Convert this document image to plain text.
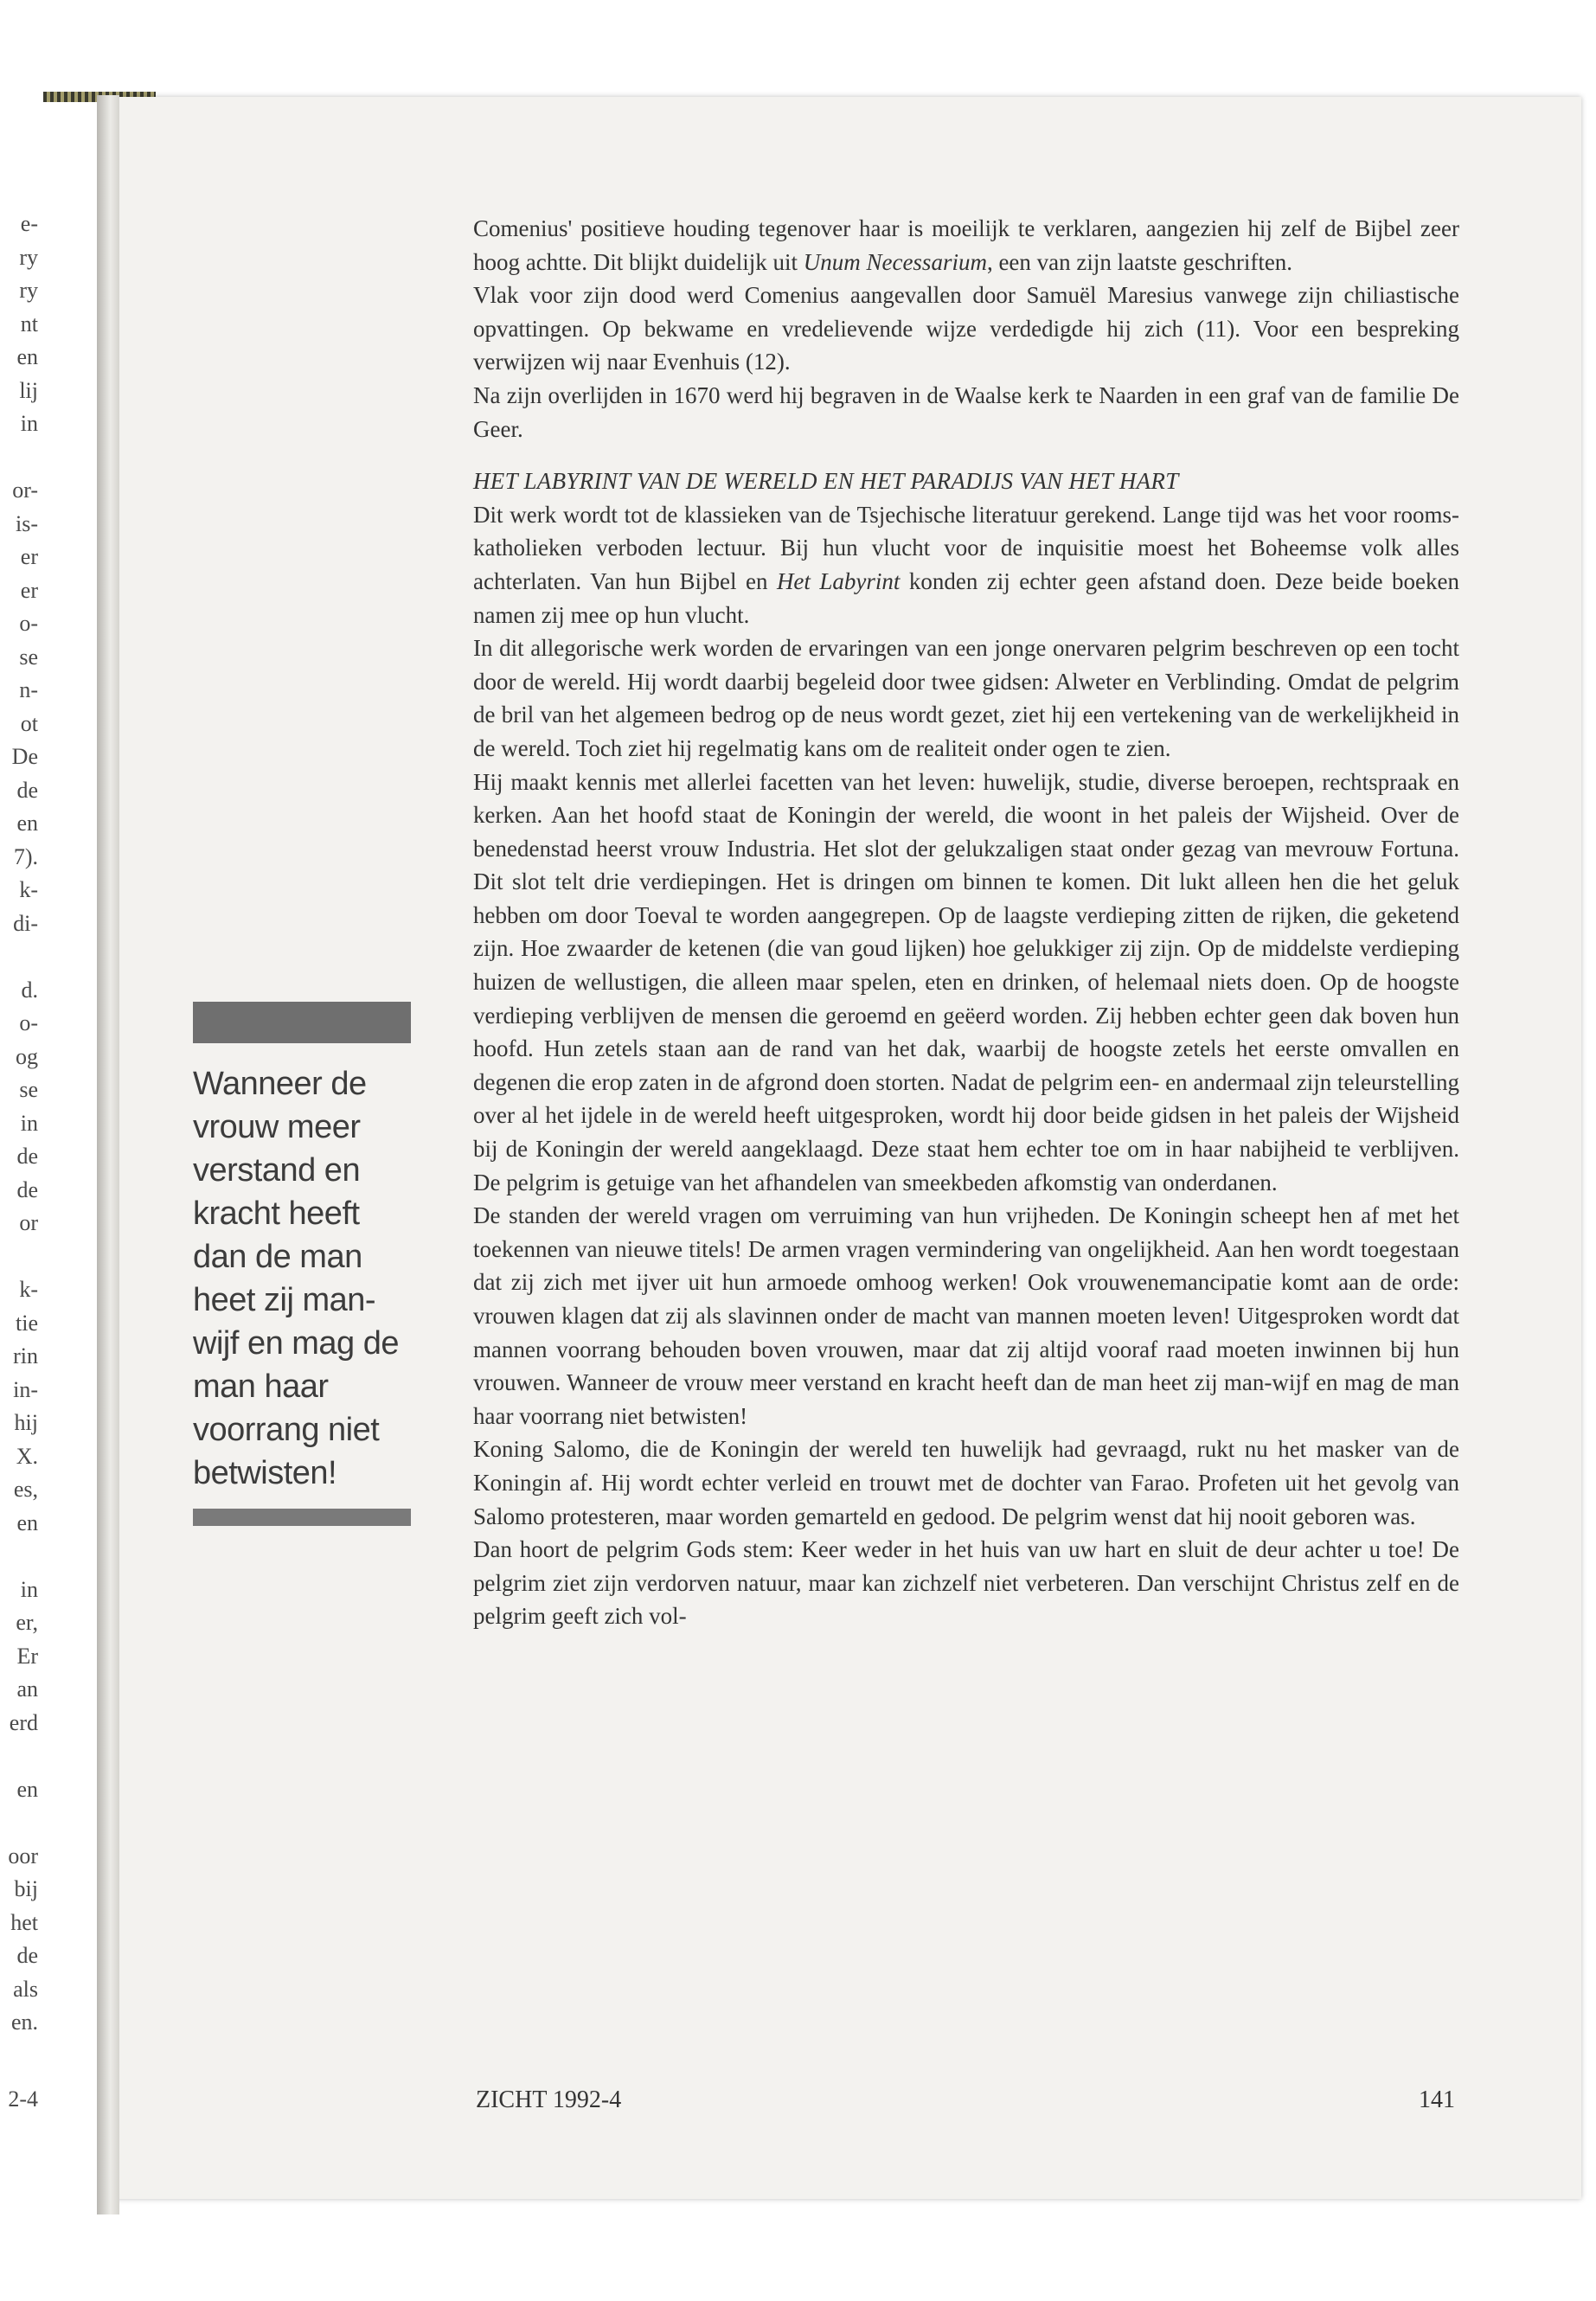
e-
ry
ry
nt
en
lij
in
or-
is-
er
er
o-
se
n-
ot
De
de
en
7).
k-
di-
d.
o-
og
se
in
de
de
or
k-
tie
rin
in-
hij
X.
es,
en
in
er,
Er
an
erd
en
oor
bij
het
de
als
en.
2-4
Wanneer de vrouw meer verstand en kracht heeft dan de man heet zij man-wijf en mag de man haar voorrang niet betwisten!

Comenius' positieve houding tegenover haar is moeilijk te verklaren, aangezien hij zelf de Bijbel zeer hoog achtte. Dit blijkt duidelijk uit Unum Necessarium, een van zijn laatste geschriften.

Vlak voor zijn dood werd Comenius aangevallen door Samuël Maresius vanwege zijn chiliastische opvattingen. Op bekwame en vredelievende wijze verdedigde hij zich (11). Voor een bespreking verwijzen wij naar Evenhuis (12).

Na zijn overlijden in 1670 werd hij begraven in de Waalse kerk te Naarden in een graf van de familie De Geer.

HET LABYRINT VAN DE WERELD EN HET PARADIJS VAN HET HART

Dit werk wordt tot de klassieken van de Tsjechische literatuur gerekend. Lange tijd was het voor rooms-katholieken verboden lectuur. Bij hun vlucht voor de inquisitie moest het Boheemse volk alles achterlaten. Van hun Bijbel en Het Labyrint konden zij echter geen afstand doen. Deze beide boeken namen zij mee op hun vlucht.

In dit allegorische werk worden de ervaringen van een jonge onervaren pelgrim beschreven op een tocht door de wereld. Hij wordt daarbij begeleid door twee gidsen: Alweter en Verblinding. Omdat de pelgrim de bril van het algemeen bedrog op de neus wordt gezet, ziet hij een vertekening van de werkelijkheid in de wereld. Toch ziet hij regelmatig kans om de realiteit onder ogen te zien.

Hij maakt kennis met allerlei facetten van het leven: huwelijk, studie, diverse beroepen, rechtspraak en kerken. Aan het hoofd staat de Koningin der wereld, die woont in het paleis der Wijsheid. Over de benedenstad heerst vrouw Industria. Het slot der gelukzaligen staat onder gezag van mevrouw Fortuna. Dit slot telt drie verdiepingen. Het is dringen om binnen te komen. Dit lukt alleen hen die het geluk hebben om door Toeval te worden aangegrepen. Op de laagste verdieping zitten de rijken, die geketend zijn. Hoe zwaarder de ketenen (die van goud lijken) hoe gelukkiger zij zijn. Op de middelste verdieping huizen de wellustigen, die alleen maar spelen, eten en drinken, of helemaal niets doen. Op de hoogste verdieping verblijven de mensen die geroemd en geëerd worden. Zij hebben echter geen dak boven hun hoofd. Hun zetels staan aan de rand van het dak, waarbij de hoogste zetels het eerste omvallen en degenen die erop zaten in de afgrond doen storten. Nadat de pelgrim een- en andermaal zijn teleurstelling over al het ijdele in de wereld heeft uitgesproken, wordt hij door beide gidsen in het paleis der Wijsheid bij de Koningin der wereld aangeklaagd. Deze staat hem echter toe om in haar nabijheid te verblijven. De pelgrim is getuige van het afhandelen van smeekbeden afkomstig van onderdanen.

De standen der wereld vragen om verruiming van hun vrijheden. De Koningin scheept hen af met het toekennen van nieuwe titels! De armen vragen vermindering van ongelijkheid. Aan hen wordt toegestaan dat zij zich met ijver uit hun armoede omhoog werken! Ook vrouwenemancipatie komt aan de orde: vrouwen klagen dat zij als slavinnen onder de macht van mannen moeten leven! Uitgesproken wordt dat mannen voorrang behouden boven vrouwen, maar dat zij altijd vooraf raad moeten inwinnen bij hun vrouwen. Wanneer de vrouw meer verstand en kracht heeft dan de man heet zij man-wijf en mag de man haar voorrang niet betwisten!

Koning Salomo, die de Koningin der wereld ten huwelijk had gevraagd, rukt nu het masker van de Koningin af. Hij wordt echter verleid en trouwt met de dochter van Farao. Profeten uit het gevolg van Salomo protesteren, maar worden gemarteld en gedood. De pelgrim wenst dat hij nooit geboren was.

Dan hoort de pelgrim Gods stem: Keer weder in het huis van uw hart en sluit de deur achter u toe! De pelgrim ziet zijn verdorven natuur, maar kan zichzelf niet verbeteren. Dan verschijnt Christus zelf en de pelgrim geeft zich vol-

ZICHT 1992-4	141
